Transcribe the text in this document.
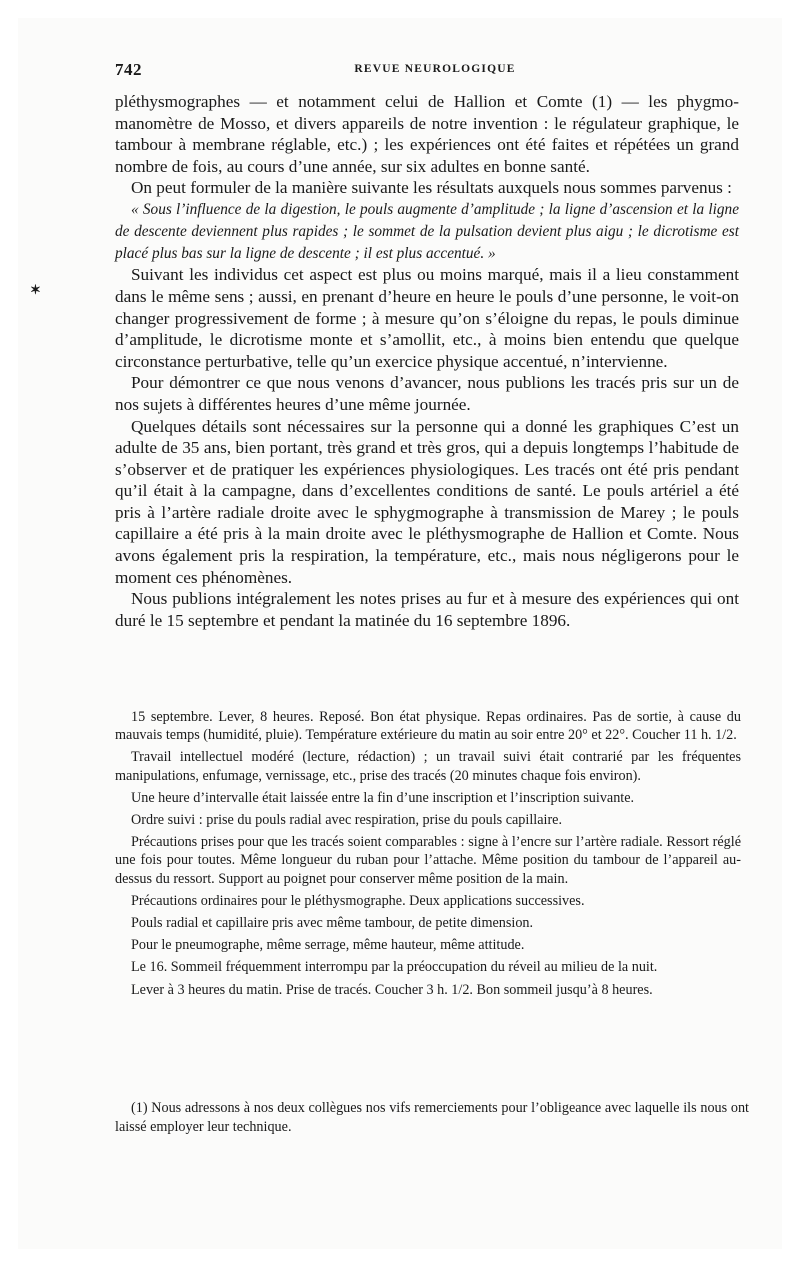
742	REVUE NEUROLOGIQUE
✶

pléthysmographes — et notamment celui de Hallion et Comte (1) — les phygmomanomètre de Mosso, et divers appareils de notre invention : le régulateur graphique, le tambour à membrane réglable, etc.) ; les expériences ont été faites et répétées un grand nombre de fois, au cours d’une année, sur six adultes en bonne santé.

On peut formuler de la manière suivante les résultats auxquels nous sommes parvenus :

« Sous l’influence de la digestion, le pouls augmente d’amplitude ; la ligne d’ascension et la ligne de descente deviennent plus rapides ; le sommet de la pulsation devient plus aigu ; le dicrotisme est placé plus bas sur la ligne de descente ; il est plus accentué. »

Suivant les individus cet aspect est plus ou moins marqué, mais il a lieu constamment dans le même sens ; aussi, en prenant d’heure en heure le pouls d’une personne, le voit-on changer progressivement de forme ; à mesure qu’on s’éloigne du repas, le pouls diminue d’amplitude, le dicrotisme monte et s’amollit, etc., à moins bien entendu que quelque circonstance perturbative, telle qu’un exercice physique accentué, n’intervienne.

Pour démontrer ce que nous venons d’avancer, nous publions les tracés pris sur un de nos sujets à différentes heures d’une même journée.

Quelques détails sont nécessaires sur la personne qui a donné les graphiques C’est un adulte de 35 ans, bien portant, très grand et très gros, qui a depuis longtemps l’habitude de s’observer et de pratiquer les expériences physiologiques. Les tracés ont été pris pendant qu’il était à la campagne, dans d’excellentes conditions de santé. Le pouls artériel a été pris à l’artère radiale droite avec le sphygmographe à transmission de Marey ; le pouls capillaire a été pris à la main droite avec le pléthysmographe de Hallion et Comte. Nous avons également pris la respiration, la température, etc., mais nous négligerons pour le moment ces phénomènes.

Nous publions intégralement les notes prises au fur et à mesure des expériences qui ont duré le 15 septembre et pendant la matinée du 16 septembre 1896.

15 septembre. Lever, 8 heures. Reposé. Bon état physique. Repas ordinaires. Pas de sortie, à cause du mauvais temps (humidité, pluie). Température extérieure du matin au soir entre 20° et 22°. Coucher 11 h. 1/2.

Travail intellectuel modéré (lecture, rédaction) ; un travail suivi était contrarié par les fréquentes manipulations, enfumage, vernissage, etc., prise des tracés (20 minutes chaque fois environ).

Une heure d’intervalle était laissée entre la fin d’une inscription et l’inscription suivante.

Ordre suivi : prise du pouls radial avec respiration, prise du pouls capillaire.

Précautions prises pour que les tracés soient comparables : signe à l’encre sur l’artère radiale. Ressort réglé une fois pour toutes. Même longueur du ruban pour l’attache. Même position du tambour de l’appareil au-dessus du ressort. Support au poignet pour conserver même position de la main.

Précautions ordinaires pour le pléthysmographe. Deux applications successives.

Pouls radial et capillaire pris avec même tambour, de petite dimension.

Pour le pneumographe, même serrage, même hauteur, même attitude.

Le 16. Sommeil fréquemment interrompu par la préoccupation du réveil au milieu de la nuit.

Lever à 3 heures du matin. Prise de tracés. Coucher 3 h. 1/2. Bon sommeil jusqu’à 8 heures.

(1) Nous adressons à nos deux collègues nos vifs remerciements pour l’obligeance avec laquelle ils nous ont laissé employer leur technique.
